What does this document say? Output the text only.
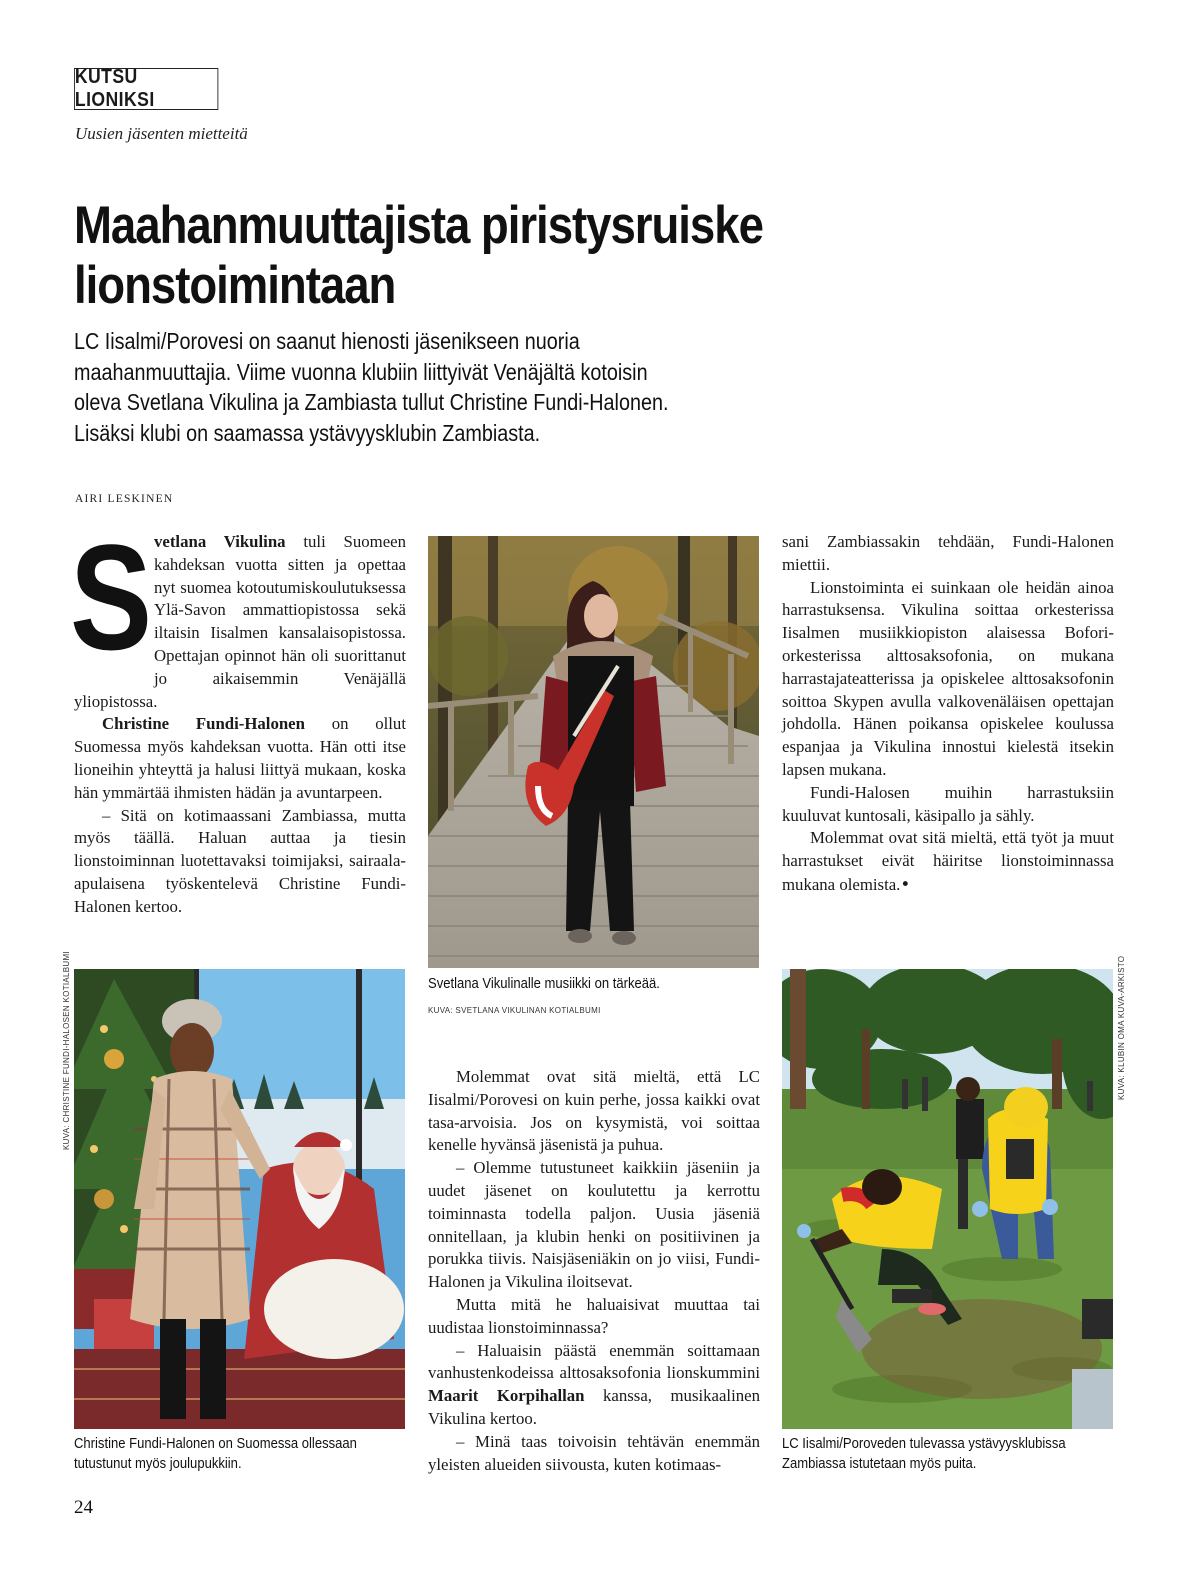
KUTSU LIONIKSI
Uusien jäsenten mietteitä
Maahanmuuttajista piristysruiske lionstoimintaan

LC Iisalmi/Porovesi on saanut hienosti jäsenikseen nuoria maahanmuuttajia. Viime vuonna klubiin liittyivät Venäjältä kotoisin oleva Svetlana Vikulina ja Zambiasta tullut Christine Fundi-Halonen. Lisäksi klubi on saamassa ystävyysklubin Zambiasta.

AIRI LESKINEN
S vetlana Vikulina tuli Suomeen kahdeksan vuotta sitten ja opettaa nyt suomea kotoutumiskoulutuksessa Ylä-Savon ammattiopistossa sekä iltaisin Iisalmen kansalaisopistossa. Opettajan opinnot hän oli suorittanut jo aikaisemmin Venäjällä yliopistossa.

Christine Fundi-Halonen on ollut Suomessa myös kahdeksan vuotta. Hän otti itse lioneihin yhteyttä ja halusi liittyä mukaan, koska hän ymmärtää ihmisten hädän ja avuntarpeen.

– Sitä on kotimaassani Zambiassa, mutta myös täällä. Haluan auttaa ja tiesin lionstoiminnan luotettavaksi toimijaksi, sairaala-apulaisena työskentelevä Christine Fundi-Halonen kertoo.

Svetlana Vikulinalle musiikki on tärkeää.
KUVA: SVETLANA VIKULINAN KOTIALBUMI

Molemmat ovat sitä mieltä, että LC Iisalmi/Porovesi on kuin perhe, jossa kaikki ovat tasa-arvoisia. Jos on kysymistä, voi soittaa kenelle hyvänsä jäsenistä ja puhua.

– Olemme tutustuneet kaikkiin jäseniin ja uudet jäsenet on koulutettu ja kerrottu toiminnasta todella paljon. Uusia jäseniä onnitellaan, ja klubin henki on positiivinen ja porukka tiivis. Naisjäseniäkin on jo viisi, Fundi-Halonen ja Vikulina iloitsevat.

Mutta mitä he haluaisivat muuttaa tai uudistaa lionstoiminnassa?

– Haluaisin päästä enemmän soittamaan vanhustenkodeissa alttosaksofonia lionskummini Maarit Korpihallan kanssa, musikaalinen Vikulina kertoo.

– Minä taas toivoisin tehtävän enemmän yleisten alueiden siivousta, kuten kotimaas-

sani Zambiassakin tehdään, Fundi-Halonen miettii.

Lionstoiminta ei suinkaan ole heidän ainoa harrastuksensa. Vikulina soittaa orkesterissa Iisalmen musiikkiopiston alaisessa Bofori-orkesterissa alttosaksofonia, on mukana harrastajateatterissa ja opiskelee alttosaksofonin soittoa Skypen avulla valkovenäläisen opettajan johdolla. Hänen poikansa opiskelee koulussa espanjaa ja Vikulina innostui kielestä itsekin lapsen mukana.

Fundi-Halosen muihin harrastuksiin kuuluvat kuntosali, käsipallo ja sähly.

Molemmat ovat sitä mieltä, että työt ja muut harrastukset eivät häiritse lionstoiminnassa mukana olemista.•

KUVA: CHRISTINE FUNDI-HALOSEN KOTIALBUMI
Christine Fundi-Halonen on Suomessa ollessaan tutustunut myös joulupukkiin.
KUVA: KLUBIN OMA KUVA-ARKISTO
LC Iisalmi/Poroveden tulevassa ystävyysklubissa Zambiassa istutetaan myös puita.
24
